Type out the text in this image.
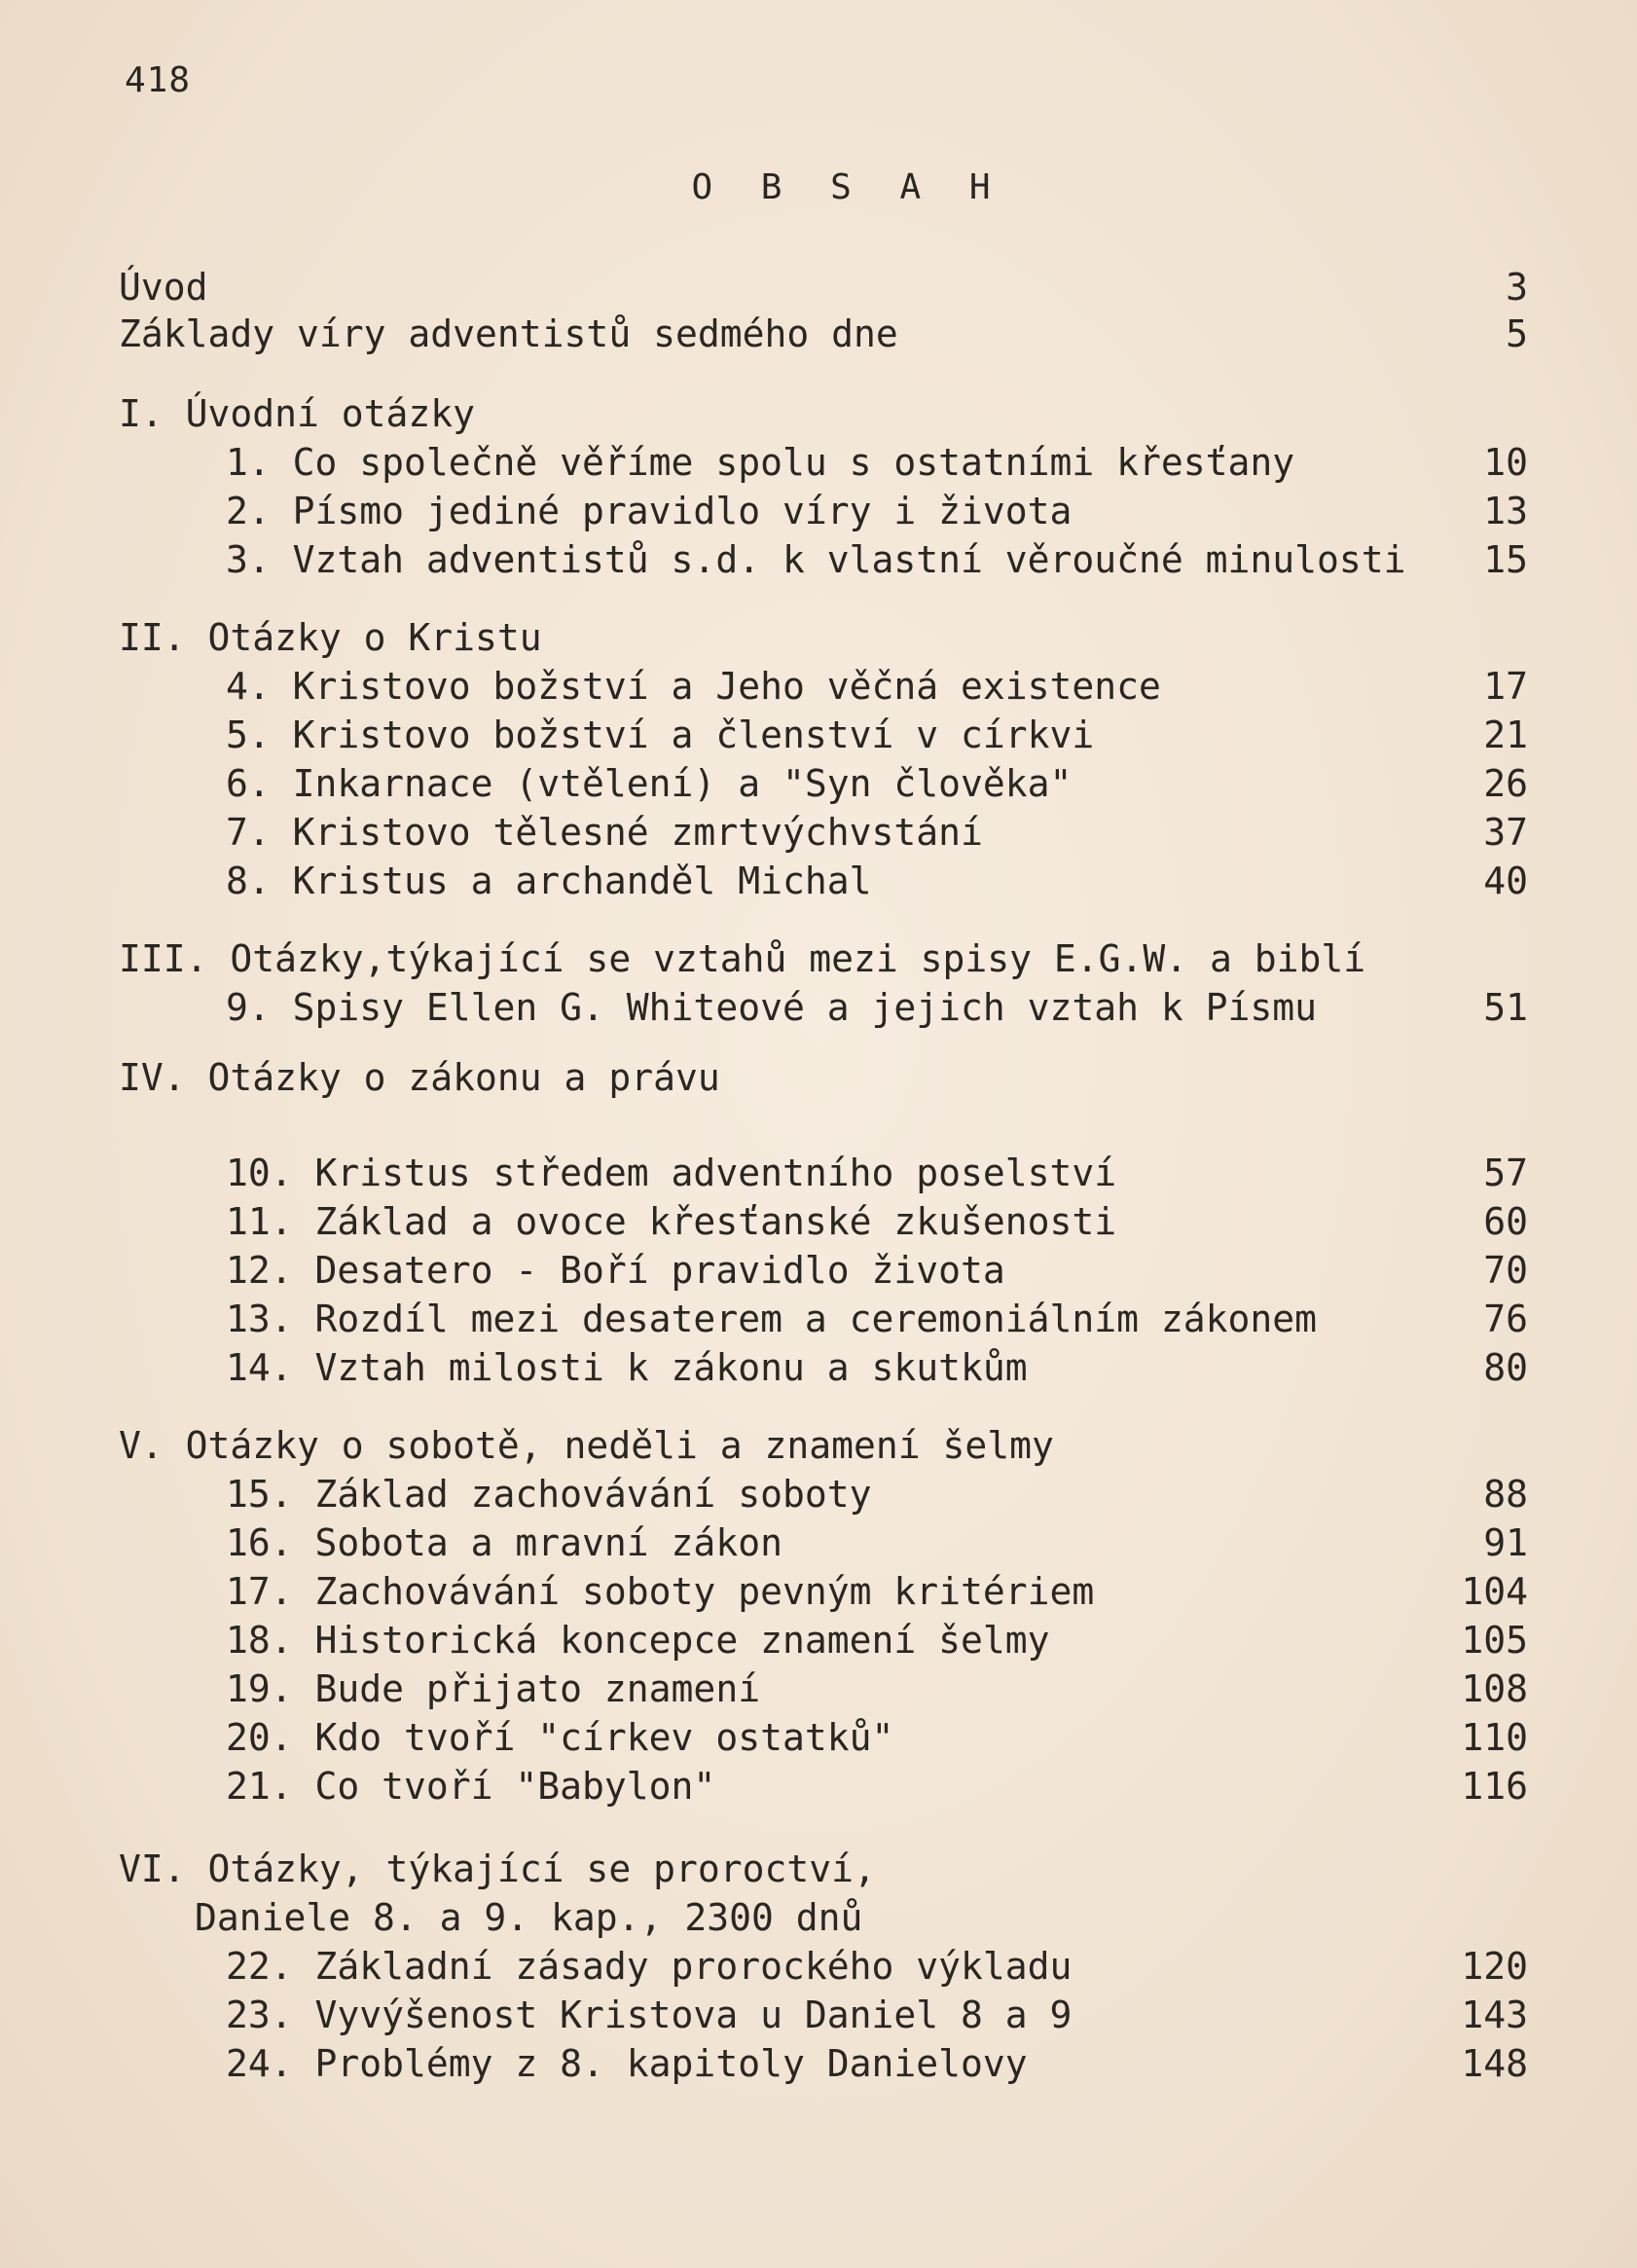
418
O B S A H
Úvod	3
Základy víry adventistů sedmého dne	5
I. Úvodní otázky
1. Co společně věříme spolu s ostatními křesťany	10
2. Písmo jediné pravidlo víry i života	13
3. Vztah adventistů s.d. k vlastní věroučné minulosti 15
II. Otázky o Kristu
4. Kristovo božství a Jeho věčná existence	17
5. Kristovo božství a členství v církvi	21
6. Inkarnace (vtělení) a "Syn člověka"	26
7. Kristovo tělesné zmrtvýchvstání	37
8. Kristus a archanděl Michal	40
III. Otázky,týkající se vztahů mezi spisy E.G.W. a biblí
9. Spisy Ellen G. Whiteové a jejich vztah k Písmu	51
IV. Otázky o zákonu a právu
10. Kristus středem adventního poselství	57
11. Základ a ovoce křesťanské zkušenosti	60
12. Desatero - Boří pravidlo života	70
13. Rozdíl mezi desaterem a ceremoniálním zákonem	76
14. Vztah milosti k zákonu a skutkům	80
V. Otázky o sobotě, neděli a znamení šelmy
15. Základ zachovávání soboty	88
16. Sobota a mravní zákon	91
17. Zachovávání soboty pevným kritériem	104
18. Historická koncepce znamení šelmy	105
19. Bude přijato znamení	108
20. Kdo tvoří "církev ostatků"	110
21. Co tvoří "Babylon"	116
VI. Otázky, týkající se proroctví,
Daniele 8. a 9. kap., 2300 dnů
22. Základní zásady prorockého výkladu	120
23. Vyvýšenost Kristova u Daniel 8 a 9	143
24. Problémy z 8. kapitoly Danielovy	148
